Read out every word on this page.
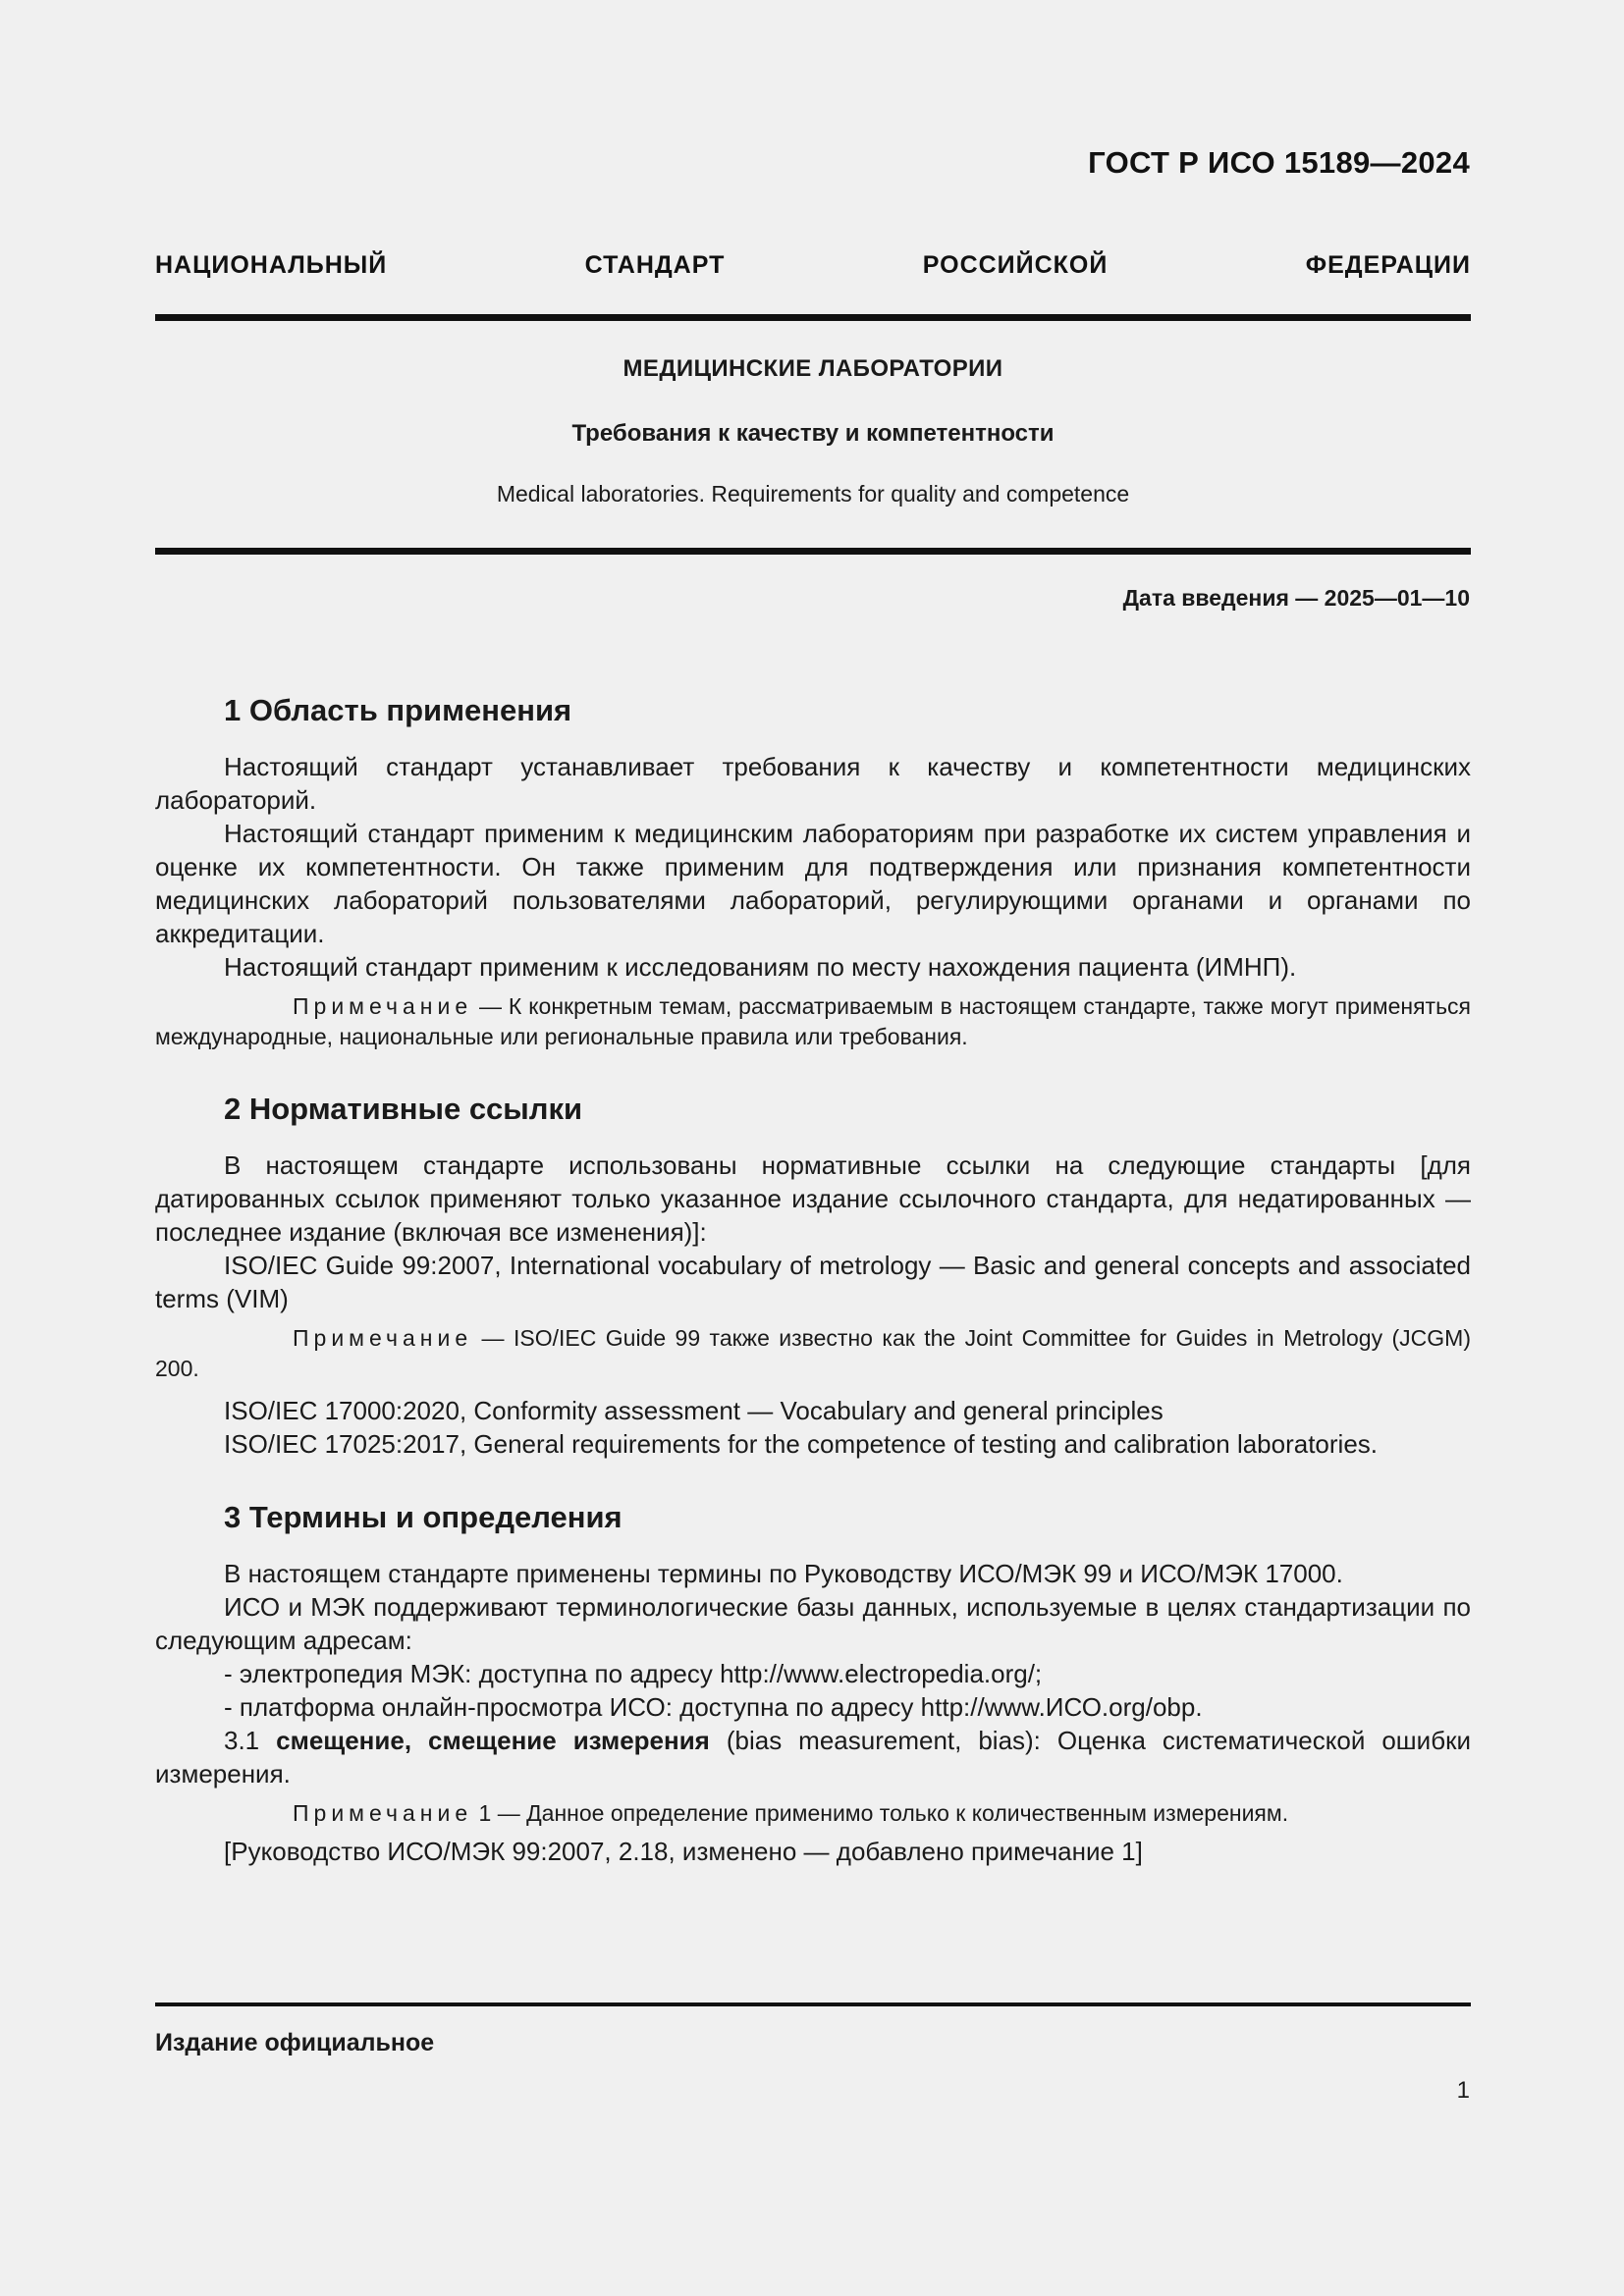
ГОСТ Р ИСО 15189—2024
НАЦИОНАЛЬНЫЙ СТАНДАРТ РОССИЙСКОЙ ФЕДЕРАЦИИ
МЕДИЦИНСКИЕ ЛАБОРАТОРИИ
Требования к качеству и компетентности
Medical laboratories. Requirements for quality and competence
Дата введения — 2025—01—10
1 Область применения

Настоящий стандарт устанавливает требования к качеству и компетентности медицинских лабораторий.

Настоящий стандарт применим к медицинским лабораториям при разработке их систем управления и оценке их компетентности. Он также применим для подтверждения или признания компетентности медицинских лабораторий пользователями лабораторий, регулирующими органами и органами по аккредитации.

Настоящий стандарт применим к исследованиям по месту нахождения пациента (ИМНП).

Примечание — К конкретным темам, рассматриваемым в настоящем стандарте, также могут применяться международные, национальные или региональные правила или требования.

2 Нормативные ссылки

В настоящем стандарте использованы нормативные ссылки на следующие стандарты [для датированных ссылок применяют только указанное издание ссылочного стандарта, для недатированных — последнее издание (включая все изменения)]:

ISO/IEC Guide 99:2007, International vocabulary of metrology — Basic and general concepts and associated terms (VIM)

Примечание — ISO/IEC Guide 99 также известно как the Joint Committee for Guides in Metrology (JCGM) 200.

ISO/IEC 17000:2020, Conformity assessment — Vocabulary and general principles

ISO/IEC 17025:2017, General requirements for the competence of testing and calibration laboratories.

3 Термины и определения

В настоящем стандарте применены термины по Руководству ИСО/МЭК 99 и ИСО/МЭК 17000.

ИСО и МЭК поддерживают терминологические базы данных, используемые в целях стандартизации по следующим адресам:

- электропедия МЭК: доступна по адресу http://www.electropedia.org/;

- платформа онлайн-просмотра ИСО: доступна по адресу http://www.ИСО.org/obp.

3.1 смещение, смещение измерения (bias measurement, bias): Оценка систематической ошибки измерения.

Примечание 1 — Данное определение применимо только к количественным измерениям.

[Руководство ИСО/МЭК 99:2007, 2.18, изменено — добавлено примечание 1]

Издание официальное
1
